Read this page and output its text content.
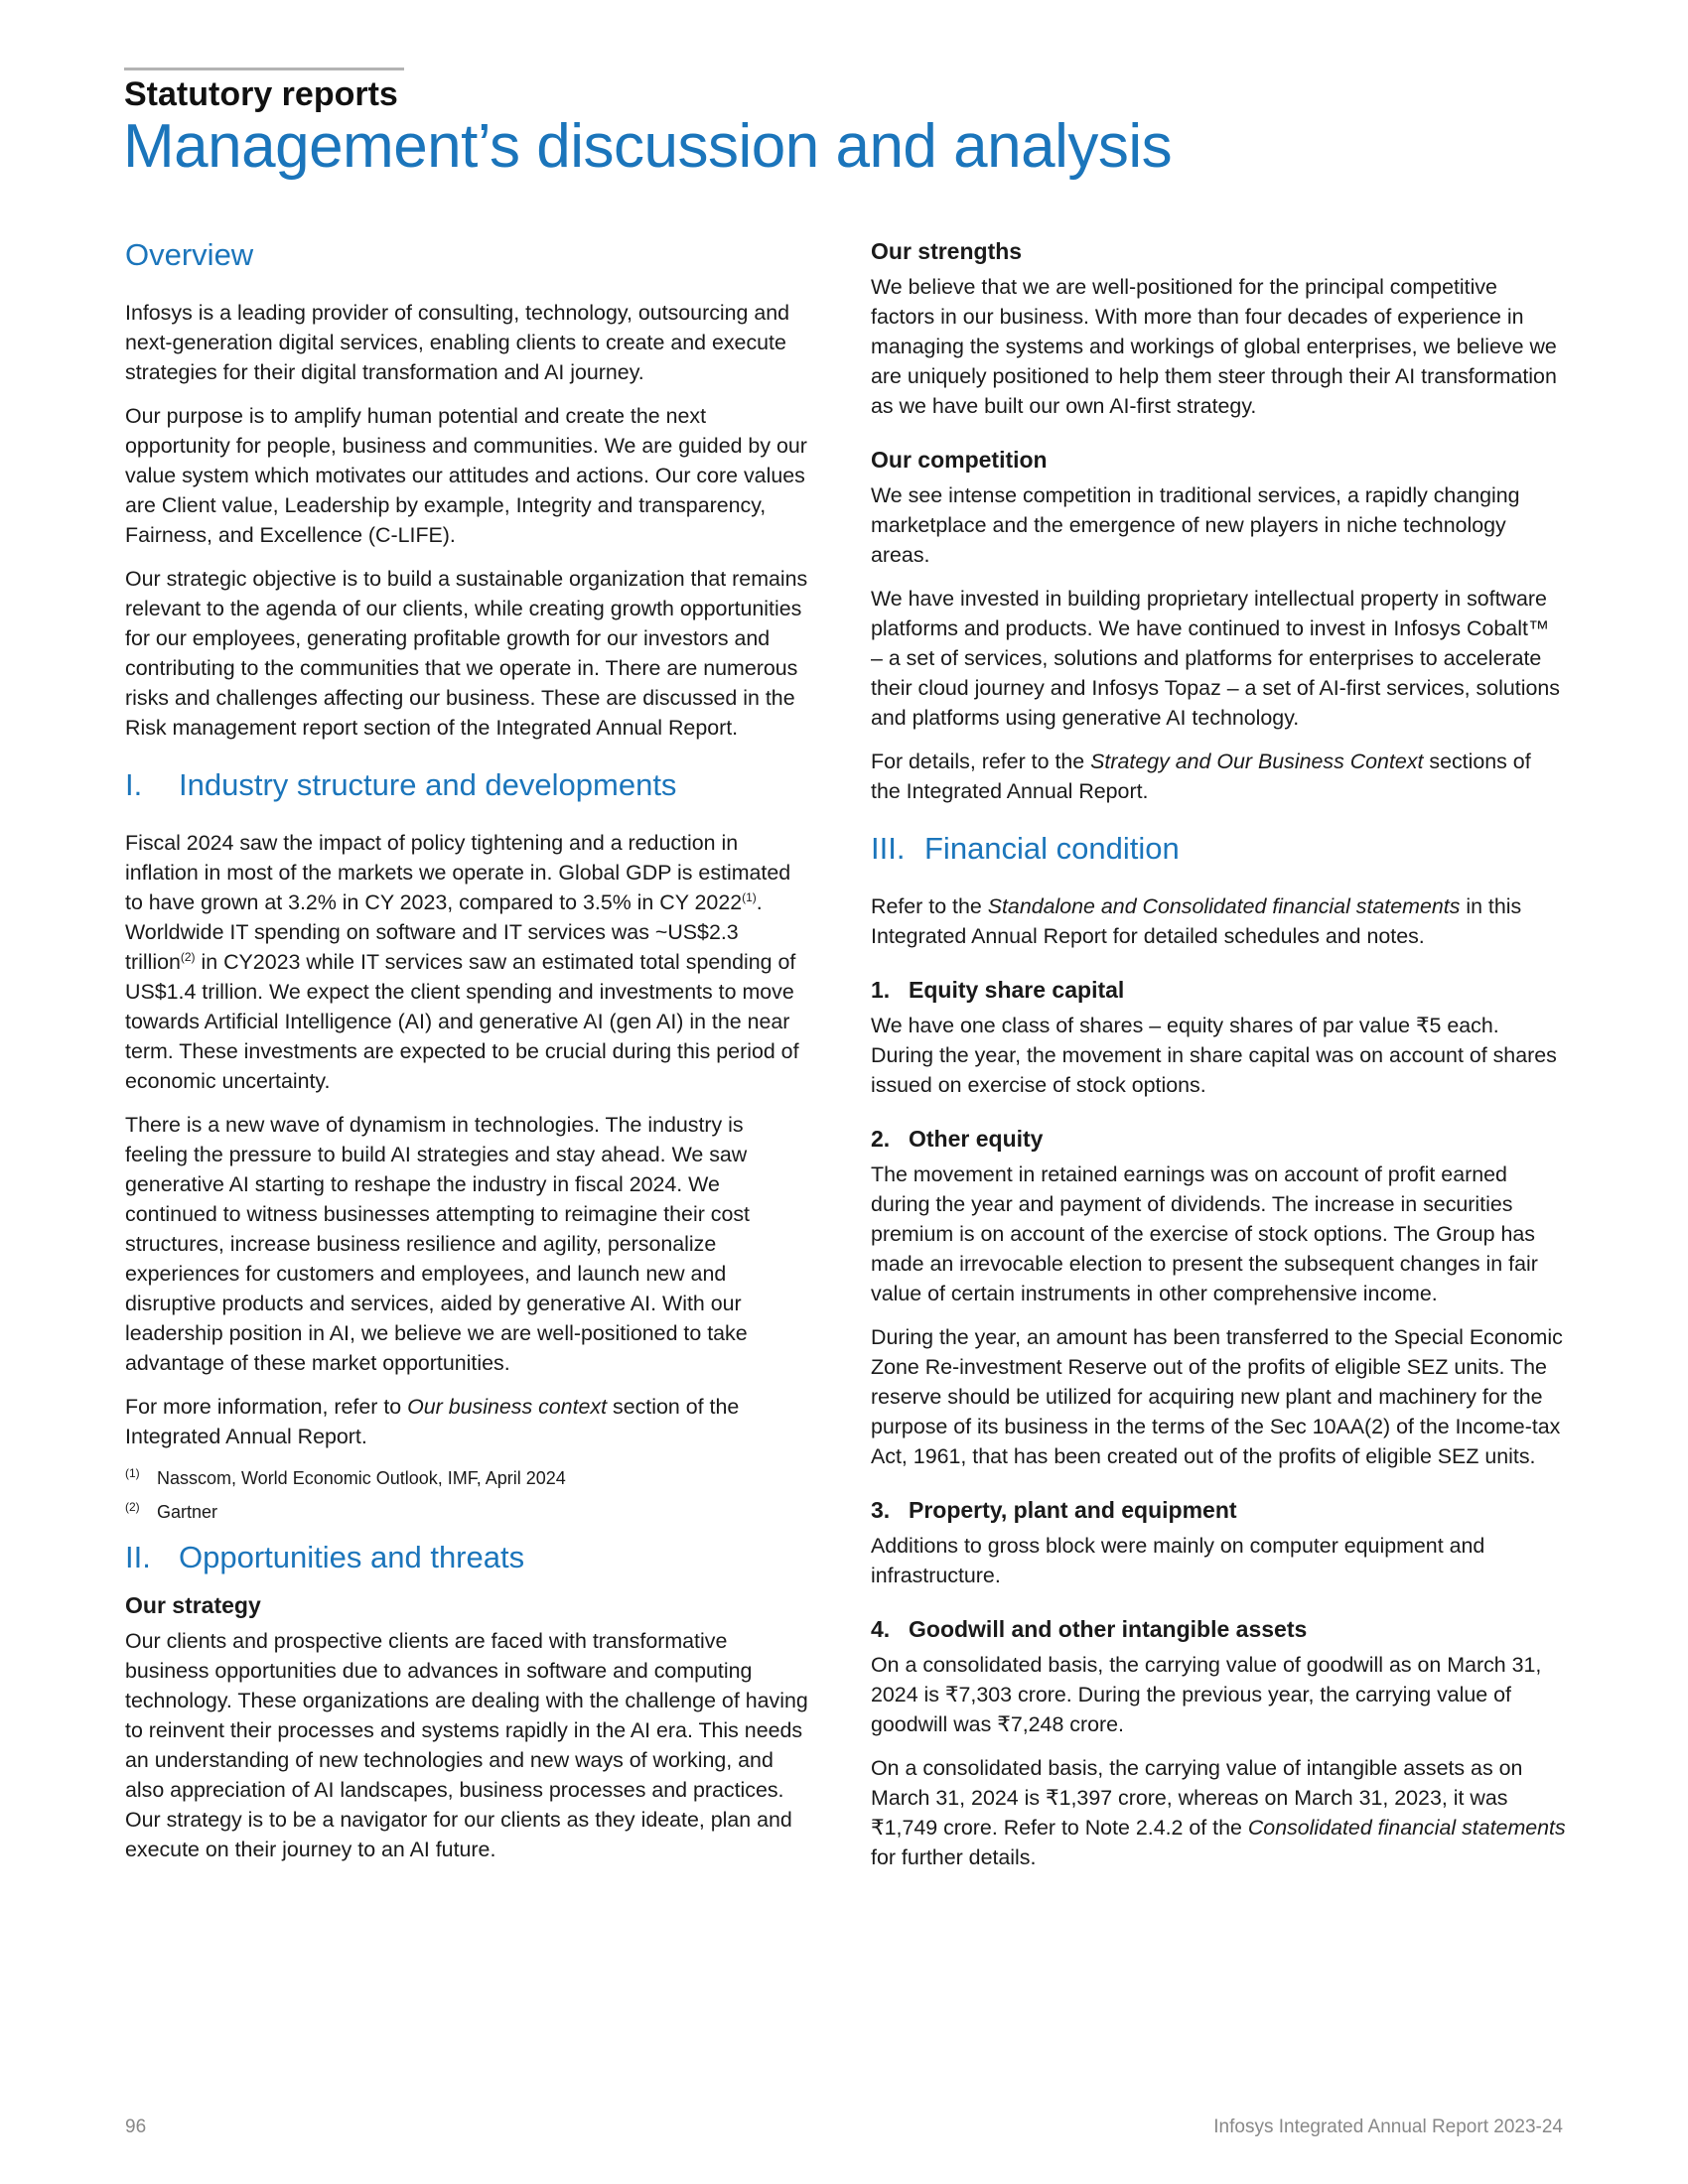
Statutory reports
Management’s discussion and analysis
Overview

Infosys is a leading provider of consulting, technology, outsourcing and next-generation digital services, enabling clients to create and execute strategies for their digital transformation and AI journey.

Our purpose is to amplify human potential and create the next opportunity for people, business and communities. We are guided by our value system which motivates our attitudes and actions. Our core values are Client value, Leadership by example, Integrity and transparency, Fairness, and Excellence (C-LIFE).

Our strategic objective is to build a sustainable organization that remains relevant to the agenda of our clients, while creating growth opportunities for our employees, generating profitable growth for our investors and contributing to the communities that we operate in. There are numerous risks and challenges affecting our business. These are discussed in the Risk management report section of the Integrated Annual Report.

I. Industry structure and developments

Fiscal 2024 saw the impact of policy tightening and a reduction in inflation in most of the markets we operate in. Global GDP is estimated to have grown at 3.2% in CY 2023, compared to 3.5% in CY 2022$^{(1)}$. Worldwide IT spending on software and IT services was ~US$2.3 trillion$^{(2)}$ in CY2023 while IT services saw an estimated total spending of US$1.4 trillion. We expect the client spending and investments to move towards Artificial Intelligence (AI) and generative AI (gen AI) in the near term. These investments are expected to be crucial during this period of economic uncertainty.

There is a new wave of dynamism in technologies. The industry is feeling the pressure to build AI strategies and stay ahead. We saw generative AI starting to reshape the industry in fiscal 2024. We continued to witness businesses attempting to reimagine their cost structures, increase business resilience and agility, personalize experiences for customers and employees, and launch new and disruptive products and services, aided by generative AI. With our leadership position in AI, we believe we are well-positioned to take advantage of these market opportunities.

For more information, refer to Our business context section of the Integrated Annual Report.

(1) Nasscom, World Economic Outlook, IMF, April 2024
(2) Gartner
II. Opportunities and threats
Our strategy

Our clients and prospective clients are faced with transformative business opportunities due to advances in software and computing technology. These organizations are dealing with the challenge of having to reinvent their processes and systems rapidly in the AI era. This needs an understanding of new technologies and new ways of working, and also appreciation of AI landscapes, business processes and practices. Our strategy is to be a navigator for our clients as they ideate, plan and execute on their journey to an AI future.

Our strengths

We believe that we are well-positioned for the principal competitive factors in our business. With more than four decades of experience in managing the systems and workings of global enterprises, we believe we are uniquely positioned to help them steer through their AI transformation as we have built our own AI-first strategy.

Our competition

We see intense competition in traditional services, a rapidly changing marketplace and the emergence of new players in niche technology areas.

We have invested in building proprietary intellectual property in software platforms and products. We have continued to invest in Infosys Cobalt™ – a set of services, solutions and platforms for enterprises to accelerate their cloud journey and Infosys Topaz – a set of AI-first services, solutions and platforms using generative AI technology.

For details, refer to the Strategy and Our Business Context sections of the Integrated Annual Report.

III. Financial condition

Refer to the Standalone and Consolidated financial statements in this Integrated Annual Report for detailed schedules and notes.

1. Equity share capital

We have one class of shares – equity shares of par value ₹5 each. During the year, the movement in share capital was on account of shares issued on exercise of stock options.

2. Other equity

The movement in retained earnings was on account of profit earned during the year and payment of dividends. The increase in securities premium is on account of the exercise of stock options. The Group has made an irrevocable election to present the subsequent changes in fair value of certain instruments in other comprehensive income.

During the year, an amount has been transferred to the Special Economic Zone Re-investment Reserve out of the profits of eligible SEZ units. The reserve should be utilized for acquiring new plant and machinery for the purpose of its business in the terms of the Sec 10AA(2) of the Income-tax Act, 1961, that has been created out of the profits of eligible SEZ units.

3. Property, plant and equipment

Additions to gross block were mainly on computer equipment and infrastructure.

4. Goodwill and other intangible assets

On a consolidated basis, the carrying value of goodwill as on March 31, 2024 is ₹7,303 crore. During the previous year, the carrying value of goodwill was ₹7,248 crore.

On a consolidated basis, the carrying value of intangible assets as on March 31, 2024 is ₹1,397 crore, whereas on March 31, 2023, it was ₹1,749 crore. Refer to Note 2.4.2 of the Consolidated financial statements for further details.

96	Infosys Integrated Annual Report 2023-24
